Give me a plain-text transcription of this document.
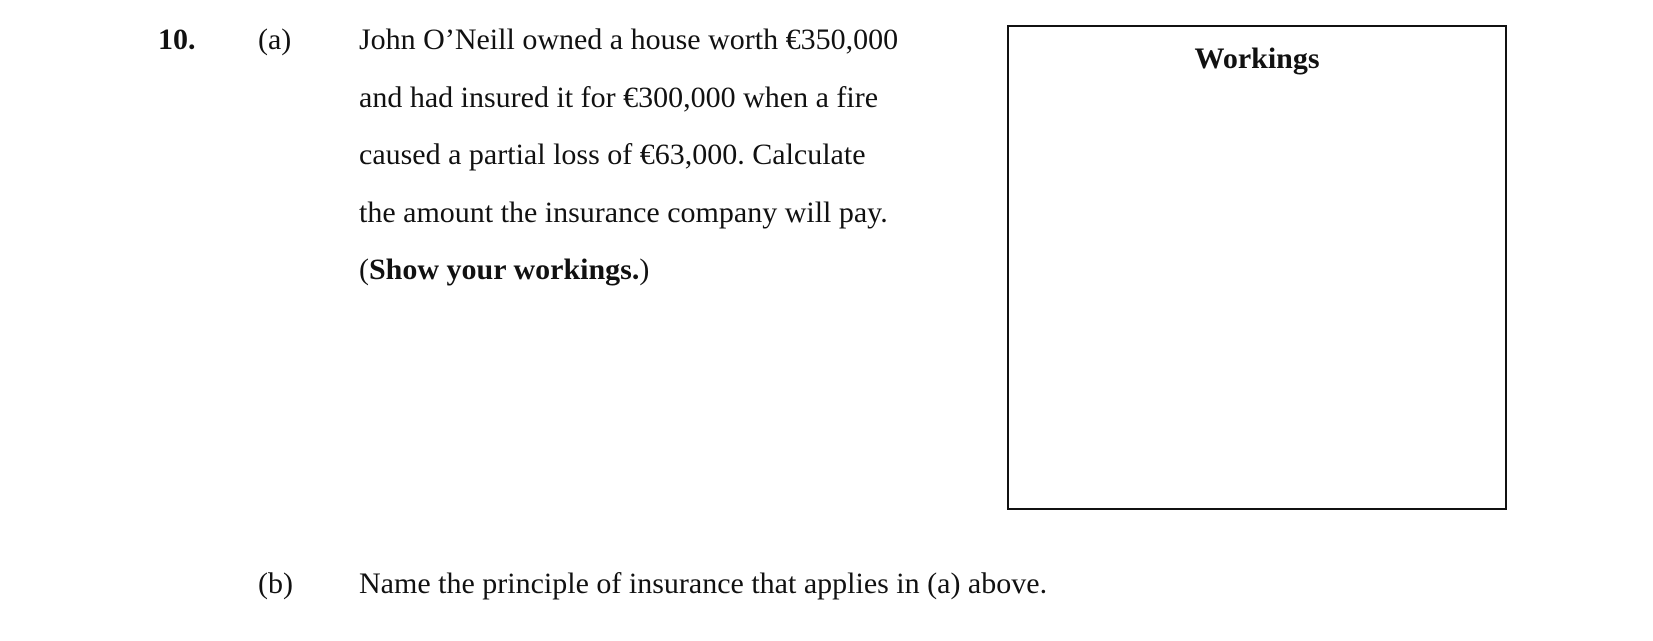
10. (a) John O’Neill owned a house worth €350,000
and had insured it for €300,000 when a fire
caused a partial loss of €63,000. Calculate
the amount the insurance company will pay.
(Show your workings.)
Workings
(b) Name the principle of insurance that applies in (a) above.
